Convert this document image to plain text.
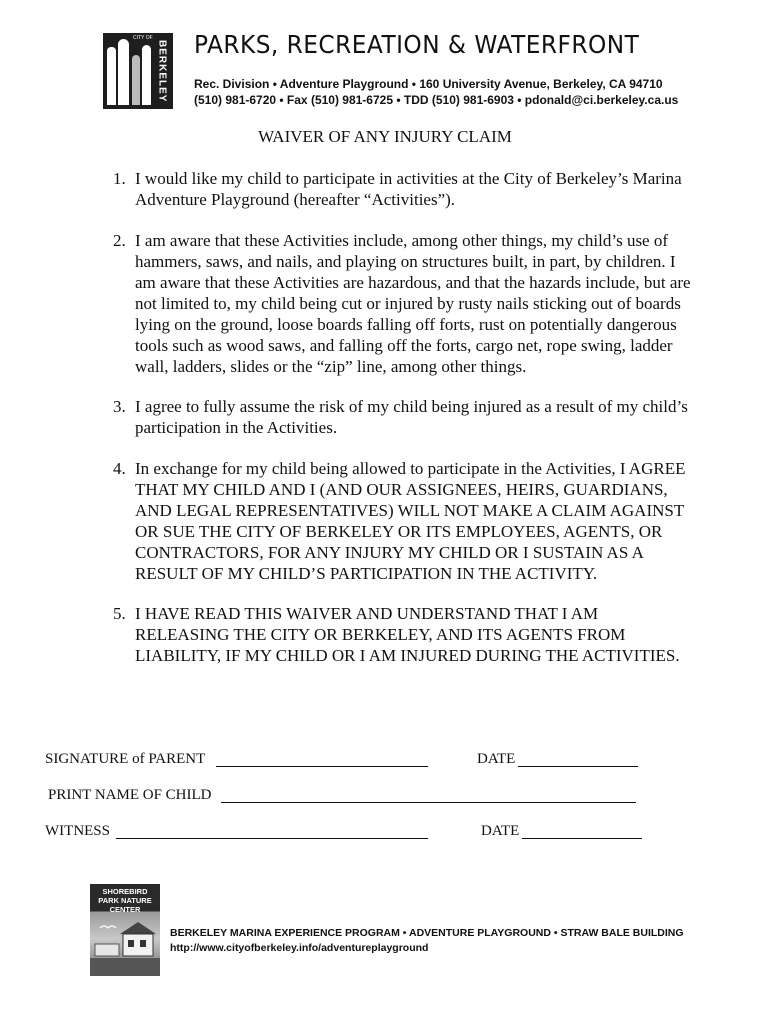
CITY OF
BERKELEY PARKS, RECREATION & WATERFRONT
Rec. Division • Adventure Playground • 160 University Avenue, Berkeley, CA 94710
(510) 981-6720 • Fax (510) 981-6725 • TDD (510) 981-6903 • pdonald@ci.berkeley.ca.us
WAIVER OF ANY INJURY CLAIM
1. I would like my child to participate in activities at the City of Berkeley’s Marina Adventure Playground (hereafter “Activities”).
2. I am aware that these Activities include, among other things, my child’s use of hammers, saws, and nails, and playing on structures built, in part, by children. I am aware that these Activities are hazardous, and that the hazards include, but are not limited to, my child being cut or injured by rusty nails sticking out of boards lying on the ground, loose boards falling off forts, rust on potentially dangerous tools such as wood saws, and falling off the forts, cargo net, rope swing, ladder wall, ladders, slides or the “zip” line, among other things.
3. I agree to fully assume the risk of my child being injured as a result of my child’s participation in the Activities.
4. In exchange for my child being allowed to participate in the Activities, I AGREE THAT MY CHILD AND I (AND OUR ASSIGNEES, HEIRS, GUARDIANS, AND LEGAL REPRESENTATIVES) WILL NOT MAKE A CLAIM AGAINST OR SUE THE CITY OF BERKELEY OR ITS EMPLOYEES, AGENTS, OR CONTRACTORS, FOR ANY INJURY MY CHILD OR I SUSTAIN AS A RESULT OF MY CHILD’S PARTICIPATION IN THE ACTIVITY.
5. I HAVE READ THIS WAIVER AND UNDERSTAND THAT I AM RELEASING THE CITY OR BERKELEY, AND ITS AGENTS FROM LIABILITY, IF MY CHILD OR I AM INJURED DURING THE ACTIVITIES.
SIGNATURE of PARENT	DATE
PRINT NAME OF CHILD
WITNESS	DATE
SHOREBIRD PARK NATURE CENTER
BERKELEY MARINA EXPERIENCE PROGRAM • ADVENTURE PLAYGROUND • STRAW BALE BUILDING
http://www.cityofberkeley.info/adventureplayground
